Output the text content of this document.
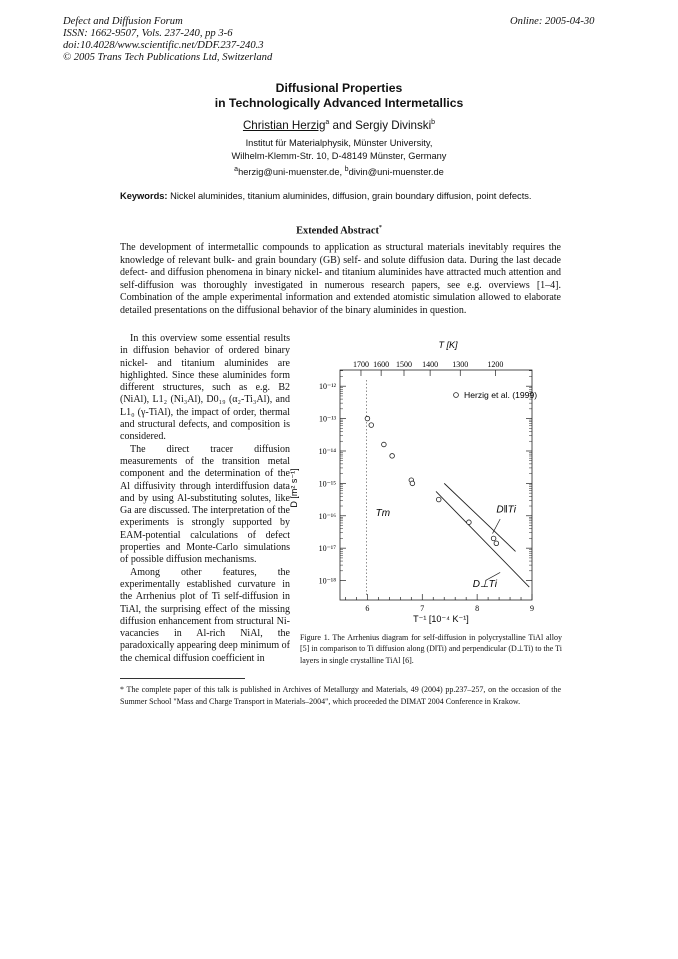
Defect and Diffusion Forum
ISSN: 1662-9507, Vols. 237-240, pp 3-6
doi:10.4028/www.scientific.net/DDF.237-240.3
© 2005 Trans Tech Publications Ltd, Switzerland
Online: 2005-04-30
Diffusional Properties
in Technologically Advanced Intermetallics
Christian Herzig$^a$ and Sergiy Divinski$^b$
Institut für Materialphysik, Münster University,
Wilhelm-Klemm-Str. 10, D-48149 Münster, Germany
$^a$herzig@uni-muenster.de, $^b$divin@uni-muenster.de
Keywords: Nickel aluminides, titanium aluminides, diffusion, grain boundary diffusion, point defects.
Extended Abstract*
The development of intermetallic compounds to application as structural materials inevitably requires the knowledge of relevant bulk- and grain boundary (GB) self- and solute diffusion data. During the last decade defect- and diffusion phenomena in binary nickel- and titanium aluminides have attracted much attention and self-diffusion was thoroughly investigated in numerous research papers, see e.g. overviews [1–4]. Combination of the ample experimental information and extended atomistic simulation allowed to elaborate detailed presentations on the diffusional behavior of the binary aluminides in question.

In this overview some essential results in diffusion behavior of ordered binary nickel- and titanium aluminides are highlighted. Since these aluminides form different structures, such as e.g. B2 (NiAl), L1₂ (Ni₃Al), D0₁₉ (α₂-Ti₃Al), and L1₀ (γ-TiAl), the impact of order, thermal and structural defects, and composition is considered.

The direct tracer diffusion measurements of the transition metal component and the determination of the Al diffusivity through interdiffusion data and by using Al-substituting solutes, like Ga are discussed. The interpretation of the experiments is strongly supported by EAM-potential calculations of defect properties and Monte-Carlo simulations of possible diffusion mechanisms.

Among other features, the experimentally established curvature in the Arrhenius plot of Ti self-diffusion in TiAl, the surprising effect of the missing diffusion enhancement from structural Ni-vacancies in Al-rich NiAl, the paradoxically appearing deep minimum of the chemical diffusion coefficient in

10⁻¹²
10⁻¹³
10⁻¹⁴
10⁻¹⁵
10⁻¹⁶
10⁻¹⁷
10⁻¹⁸
6	7	8	9
1700 1600 1500 1400 1300 1200
T [K]
T⁻¹ [10⁻⁴ K⁻¹]
D [m² s⁻¹]
Herzig et al. (1999)
Tm	D‖Ti
D⊥Ti
Figure 1. The Arrhenius diagram for self-diffusion in polycrystalline TiAl alloy [5] in comparison to Ti diffusion along (D‖Ti) and perpendicular (D⊥Ti) to the Ti layers in single crystalline TiAl [6].
* The complete paper of this talk is published in Archives of Metallurgy and Materials, 49 (2004) pp.237–257, on the occasion of the Summer School "Mass and Charge Transport in Materials–2004", which proceeded the DIMAT 2004 Conference in Krakow.
